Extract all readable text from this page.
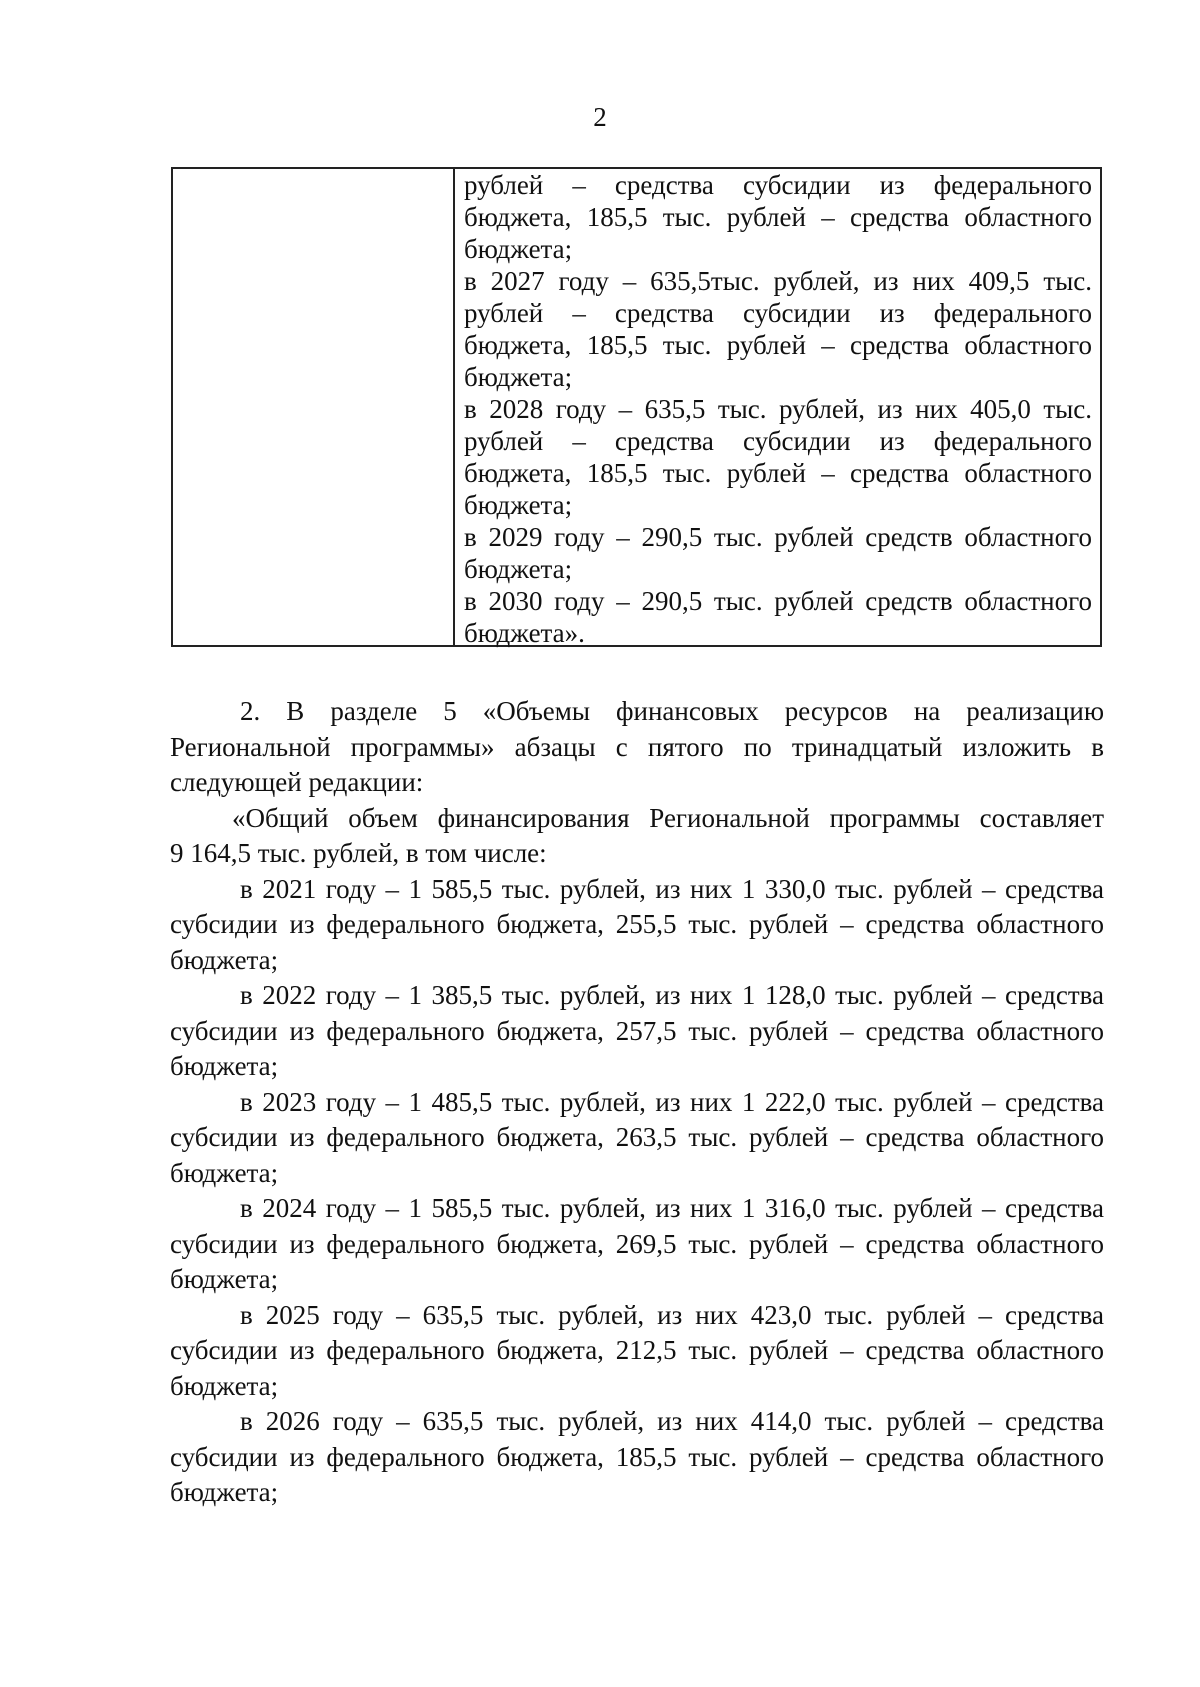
2
рублей – средства субсидии из федерального
бюджета, 185,5 тыс. рублей – средства областного
бюджета;
в 2027 году – 635,5тыс. рублей, из них 409,5 тыс.
рублей – средства субсидии из федерального
бюджета, 185,5 тыс. рублей – средства областного
бюджета;
в 2028 году – 635,5 тыс. рублей, из них 405,0 тыс.
рублей – средства субсидии из федерального
бюджета, 185,5 тыс. рублей – средства областного
бюджета;
в 2029 году – 290,5 тыс. рублей средств областного
бюджета;
в 2030 году – 290,5 тыс. рублей средств областного
бюджета».
2. В разделе 5 «Объемы финансовых ресурсов на реализацию
Региональной программы» абзацы с пятого по тринадцатый изложить в
следующей редакции:
«Общий объем финансирования Региональной программы составляет
9 164,5 тыс. рублей, в том числе:
в 2021 году – 1 585,5 тыс. рублей, из них 1 330,0 тыс. рублей – средства
субсидии из федерального бюджета, 255,5 тыс. рублей – средства областного
бюджета;
в 2022 году – 1 385,5 тыс. рублей, из них 1 128,0 тыс. рублей – средства
субсидии из федерального бюджета, 257,5 тыс. рублей – средства областного
бюджета;
в 2023 году – 1 485,5 тыс. рублей, из них 1 222,0 тыс. рублей – средства
субсидии из федерального бюджета, 263,5 тыс. рублей – средства областного
бюджета;
в 2024 году – 1 585,5 тыс. рублей, из них 1 316,0 тыс. рублей – средства
субсидии из федерального бюджета, 269,5 тыс. рублей – средства областного
бюджета;
в 2025 году – 635,5 тыс. рублей, из них 423,0 тыс. рублей – средства
субсидии из федерального бюджета, 212,5 тыс. рублей – средства областного
бюджета;
в 2026 году – 635,5 тыс. рублей, из них 414,0 тыс. рублей – средства
субсидии из федерального бюджета, 185,5 тыс. рублей – средства областного
бюджета;
